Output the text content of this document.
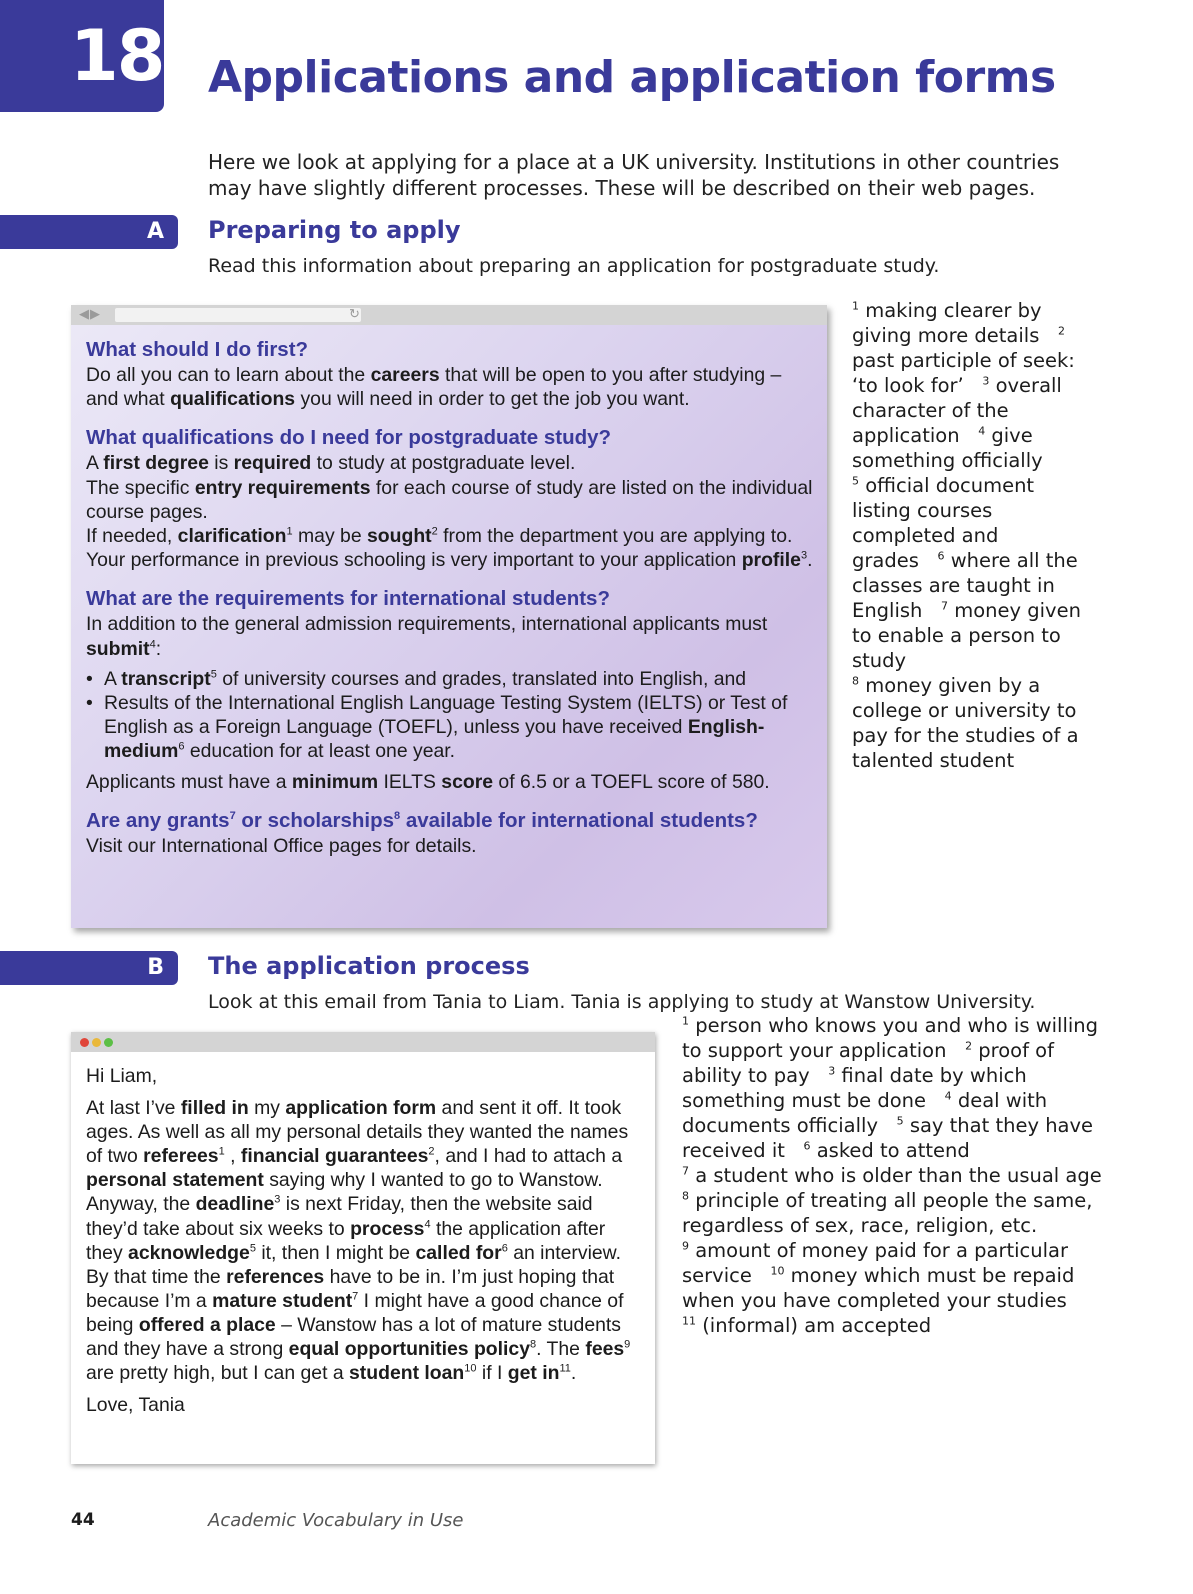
18 Applications and application forms
Here we look at applying for a place at a UK university. Institutions in other countries may have slightly different processes. These will be described on their web pages.
A Preparing to apply
Read this information about preparing an application for postgraduate study.
◀▶	↻
What should I do first?
Do all you can to learn about the careers that will be open to you after studying – and what qualifications you will need in order to get the job you want.
What qualifications do I need for postgraduate study?
A first degree is required to study at postgraduate level.
The specific entry requirements for each course of study are listed on the individual course pages.
If needed, clarification$^1$ may be sought$^2$ from the department you are applying to.
Your performance in previous schooling is very important to your application profile$^3$.
What are the requirements for international students?
In addition to the general admission requirements, international applicants must submit$^4$:
• A transcript$^5$ of university courses and grades, translated into English, and
• Results of the International English Language Testing System (IELTS) or Test of English as a Foreign Language (TOEFL), unless you have received English-medium$^6$ education for at least one year.
Applicants must have a minimum IELTS score of 6.5 or a TOEFL score of 580.
Are any grants$^7$ or scholarships$^8$ available for international students?
Visit our International Office pages for details.
$^1$ making clearer by giving more details $^2$ past participle of seek: ‘to look for’ $^3$ overall character of the application $^4$ give something officially
$^5$ official document listing courses completed and grades $^6$ where all the classes are taught in English $^7$ money given to enable a person to study
$^8$ money given by a college or university to pay for the studies of a talented student
B The application process
Look at this email from Tania to Liam. Tania is applying to study at Wanstow University.

Hi Liam,

At last I’ve filled in my application form and sent it off. It took ages. As well as all my personal details they wanted the names of two referees$^1$ , financial guarantees$^2$, and I had to attach a personal statement saying why I wanted to go to Wanstow. Anyway, the deadline$^3$ is next Friday, then the website said they’d take about six weeks to process$^4$ the application after they acknowledge$^5$ it, then I might be called for$^6$ an interview. By that time the references have to be in. I’m just hoping that because I’m a mature student$^7$ I might have a good chance of being offered a place – Wanstow has a lot of mature students and they have a strong equal opportunities policy$^8$. The fees$^9$ are pretty high, but I can get a student loan$^{10}$ if I get $in^{11}$.

Love, Tania

$^1$ person who knows you and who is willing to support your application $^2$ proof of ability to pay $^3$ final date by which something must be done $^4$ deal with documents officially $^5$ say that they have received it $^6$ asked to attend
$^7$ a student who is older than the usual age
$^8$ principle of treating all people the same, regardless of sex, race, religion, etc.
$^9$ amount of money paid for a particular service $^{10}$ money which must be repaid when you have completed your studies
$^{11}$ (informal) am accepted
44	Academic Vocabulary in Use
